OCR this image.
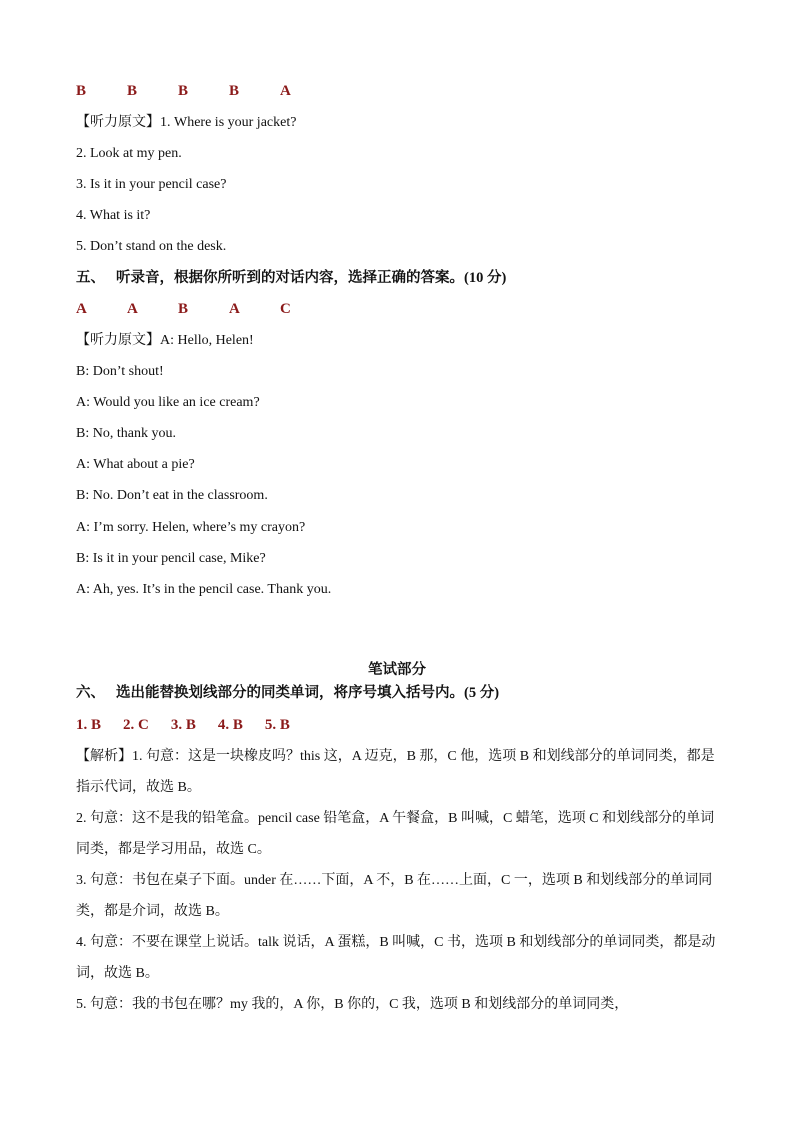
B	B	B	B	A
【听力原文】1. Where is your jacket?
2. Look at my pen.
3. Is it in your pencil case?
4. What is it?
5. Don’t stand on the desk.
五、 听录音，根据你所听到的对话内容，选择正确的答案。(10 分)
A	A	B	A	C
【听力原文】A: Hello, Helen!
B: Don’t shout!
A: Would you like an ice cream?
B: No, thank you.
A: What about a pie?
B: No. Don’t eat in the classroom.
A: I’m sorry. Helen, where’s my crayon?
B: Is it in your pencil case, Mike?
A: Ah, yes. It’s in the pencil case. Thank you.
笔试部分
六、 选出能替换划线部分的同类单词，将序号填入括号内。(5 分)
1. B 2. C 3. B 4. B 5. B
【解析】1. 句意：这是一块橡皮吗？this 这，A 迈克，B 那，C 他，选项 B 和划线部分的单词同类，都是指示代词，故选 B。
2. 句意：这不是我的铅笔盒。pencil case 铅笔盒，A 午餐盒，B 叫喊，C 蜡笔，选项 C 和划线部分的单词同类，都是学习用品，故选 C。
3. 句意：书包在桌子下面。under 在……下面，A 不，B 在……上面，C 一，选项 B 和划线部分的单词同类，都是介词，故选 B。
4. 句意：不要在课堂上说话。talk 说话，A 蛋糕，B 叫喊，C 书，选项 B 和划线部分的单词同类，都是动词，故选 B。
5. 句意：我的书包在哪？my 我的，A 你，B 你的，C 我，选项 B 和划线部分的单词同类，
